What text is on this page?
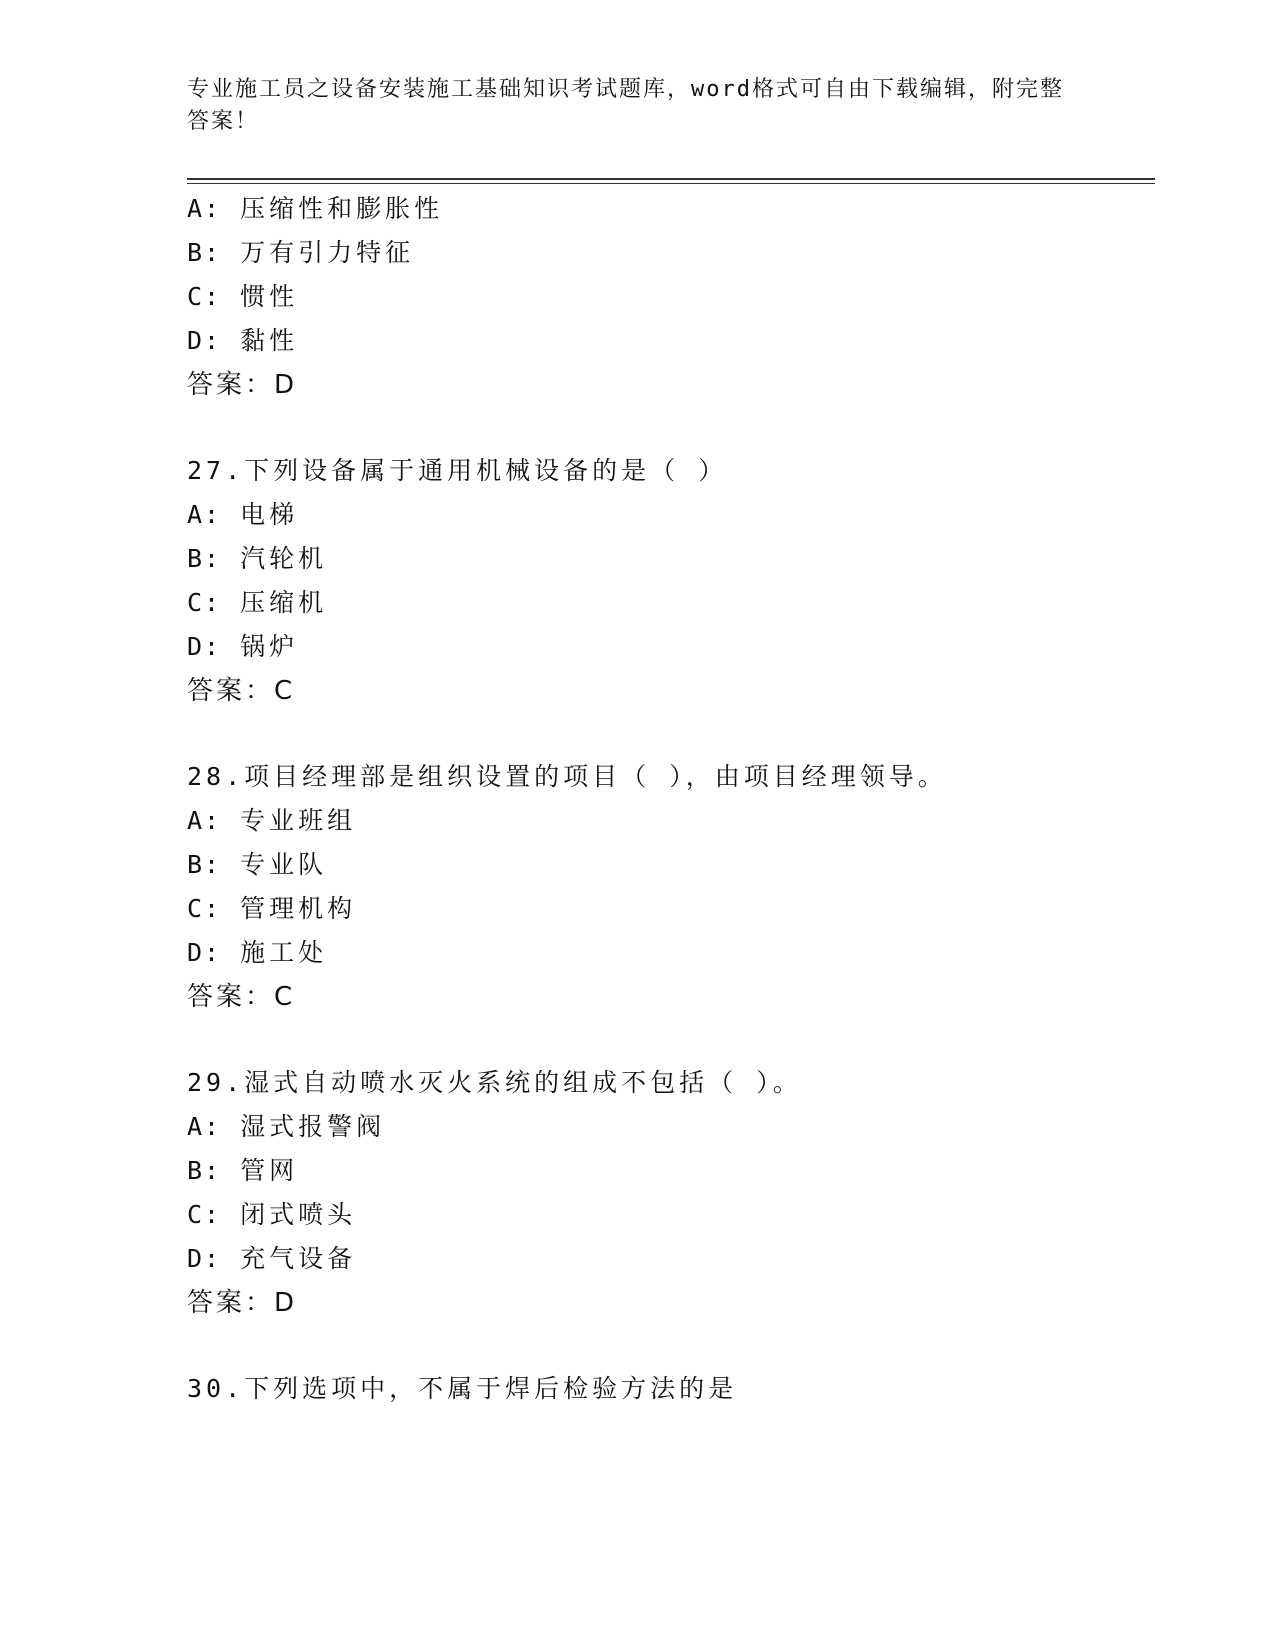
专业施工员之设备安装施工基础知识考试题库，word格式可自由下载编辑，附完整答案！
A: 压缩性和膨胀性
B: 万有引力特征
C: 惯性
D: 黏性
答案：D
27.下列设备属于通用机械设备的是（ ）
A: 电梯
B: 汽轮机
C: 压缩机
D: 锅炉
答案：C
28.项目经理部是组织设置的项目（ ），由项目经理领导。
A: 专业班组
B: 专业队
C: 管理机构
D: 施工处
答案：C
29.湿式自动喷水灭火系统的组成不包括（ ）。
A: 湿式报警阀
B: 管网
C: 闭式喷头
D: 充气设备
答案：D
30.下列选项中，不属于焊后检验方法的是
